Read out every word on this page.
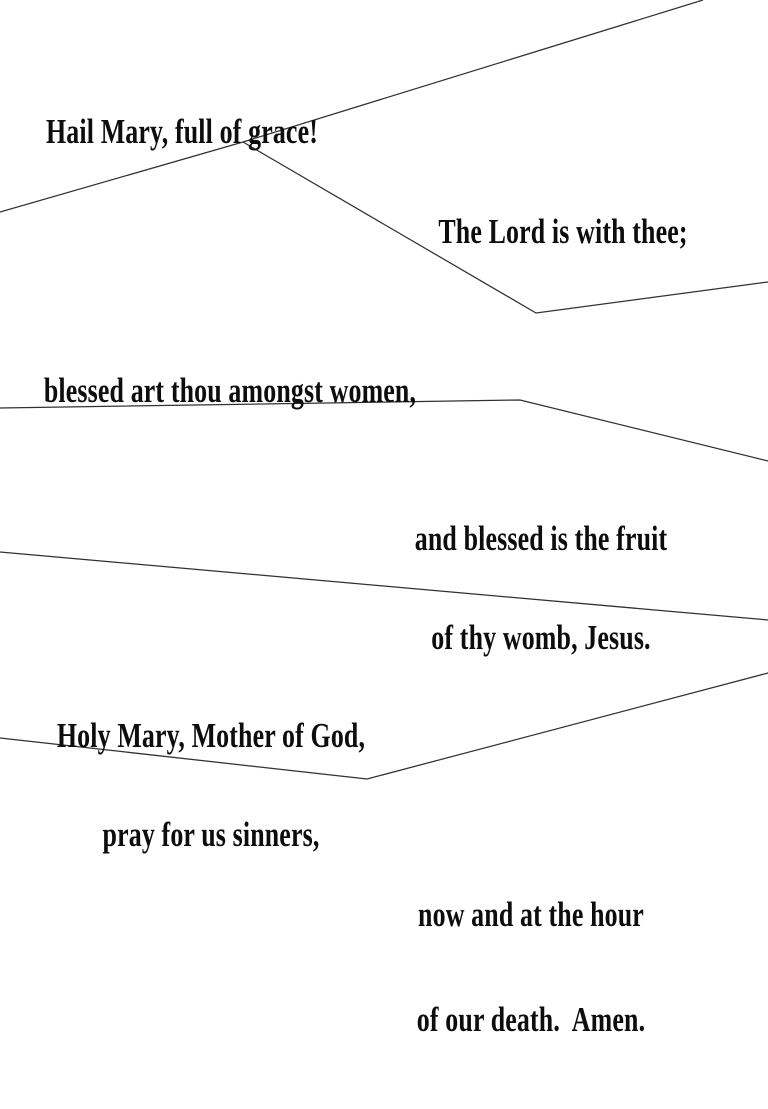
Hail Mary, full of grace!

The Lord is with thee;

blessed art thou amongst women,

and blessed is the fruit

of thy womb, Jesus.

Holy Mary, Mother of God,

pray for us sinners,

now and at the hour

of our death.  Amen.
